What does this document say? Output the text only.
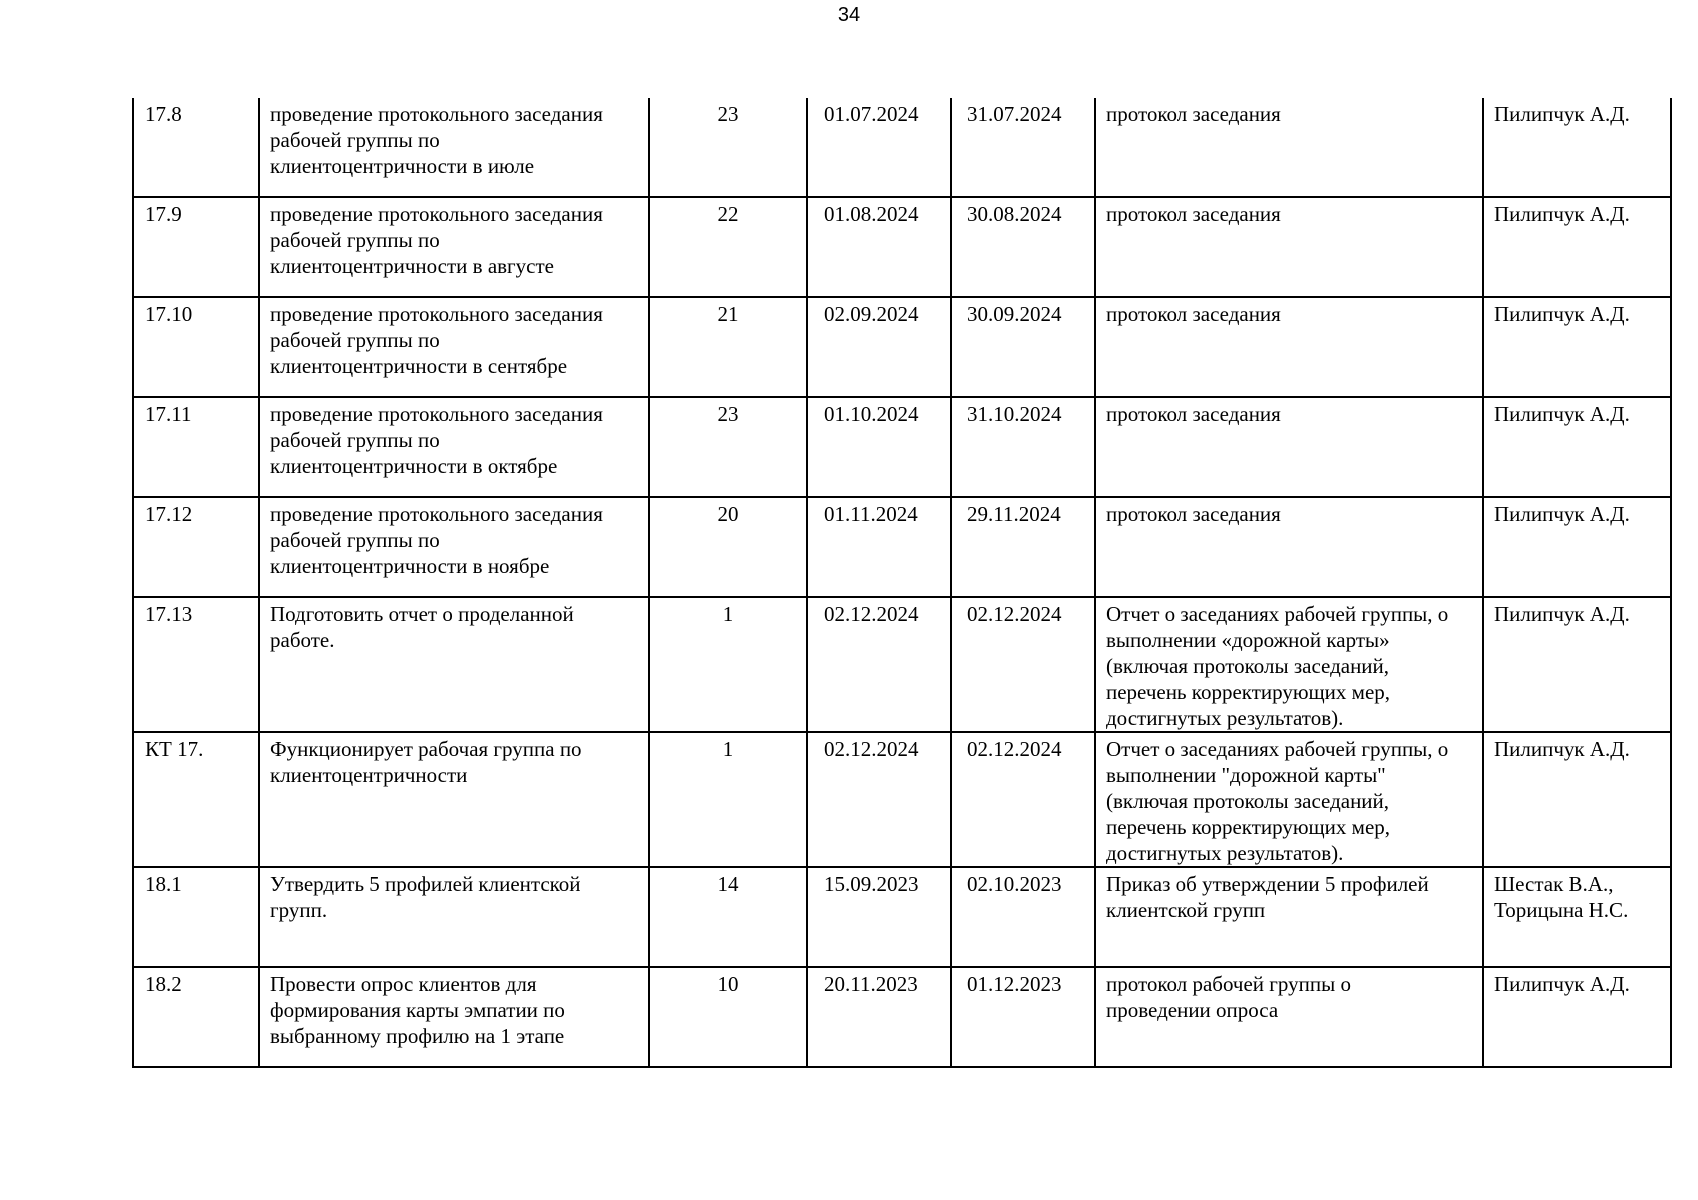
34
17.8	проведение протокольного заседания
рабочей группы по
клиентоцентричности в июле	23	01.07.2024	31.07.2024	протокол заседания	Пилипчук А.Д.
17.9	проведение протокольного заседания
рабочей группы по
клиентоцентричности в августе	22	01.08.2024	30.08.2024	протокол заседания	Пилипчук А.Д.
17.10	проведение протокольного заседания
рабочей группы по
клиентоцентричности в сентябре	21	02.09.2024	30.09.2024	протокол заседания	Пилипчук А.Д.
17.11	проведение протокольного заседания
рабочей группы по
клиентоцентричности в октябре	23	01.10.2024	31.10.2024	протокол заседания	Пилипчук А.Д.
17.12	проведение протокольного заседания
рабочей группы по
клиентоцентричности в ноябре	20	01.11.2024	29.11.2024	протокол заседания	Пилипчук А.Д.
17.13	Подготовить отчет о проделанной
работе.	1	02.12.2024	02.12.2024	Отчет о заседаниях рабочей группы, о
выполнении «дорожной карты»
(включая протоколы заседаний,
перечень корректирующих мер,
достигнутых результатов).	Пилипчук А.Д.
КТ 17.	Функционирует рабочая группа по
клиентоцентричности	1	02.12.2024	02.12.2024	Отчет о заседаниях рабочей группы, о
выполнении "дорожной карты"
(включая протоколы заседаний,
перечень корректирующих мер,
достигнутых результатов).	Пилипчук А.Д.
18.1	Утвердить 5 профилей клиентской
групп.	14	15.09.2023	02.10.2023	Приказ об утверждении 5 профилей
клиентской групп	Шестак В.А.,
Торицына Н.С.
18.2	Провести опрос клиентов для
формирования карты эмпатии по
выбранному профилю на 1 этапе	10	20.11.2023	01.12.2023	протокол рабочей группы о
проведении опроса	Пилипчук А.Д.
